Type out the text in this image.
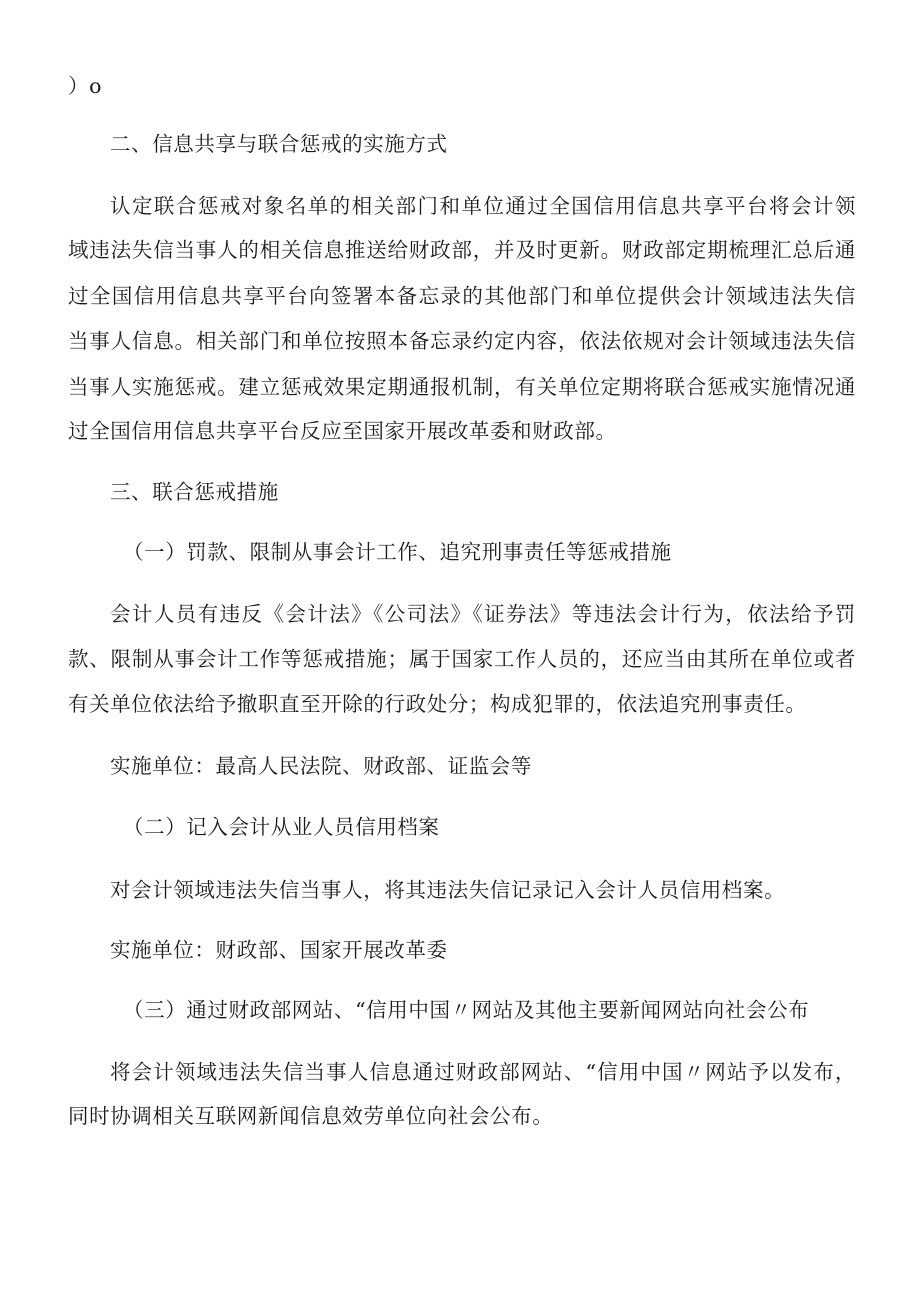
）o
二、信息共享与联合惩戒的实施方式
认定联合惩戒对象名单的相关部门和单位通过全国信用信息共享平台将会计领
域违法失信当事人的相关信息推送给财政部，并及时更新。财政部定期梳理汇总后通
过全国信用信息共享平台向签署本备忘录的其他部门和单位提供会计领域违法失信
当事人信息。相关部门和单位按照本备忘录约定内容，依法依规对会计领域违法失信
当事人实施惩戒。建立惩戒效果定期通报机制，有关单位定期将联合惩戒实施情况通
过全国信用信息共享平台反应至国家开展改革委和财政部。
三、联合惩戒措施
（一）罚款、限制从事会计工作、追究刑事责任等惩戒措施
会计人员有违反《会计法》《公司法》《证券法》等违法会计行为，依法给予罚
款、限制从事会计工作等惩戒措施；属于国家工作人员的，还应当由其所在单位或者
有关单位依法给予撤职直至开除的行政处分；构成犯罪的，依法追究刑事责任。
实施单位：最高人民法院、财政部、证监会等
（二）记入会计从业人员信用档案
对会计领域违法失信当事人，将其违法失信记录记入会计人员信用档案。
实施单位：财政部、国家开展改革委
（三）通过财政部网站、“信用中国〃网站及其他主要新闻网站向社会公布
将会计领域违法失信当事人信息通过财政部网站、“信用中国〃网站予以发布，
同时协调相关互联网新闻信息效劳单位向社会公布。
